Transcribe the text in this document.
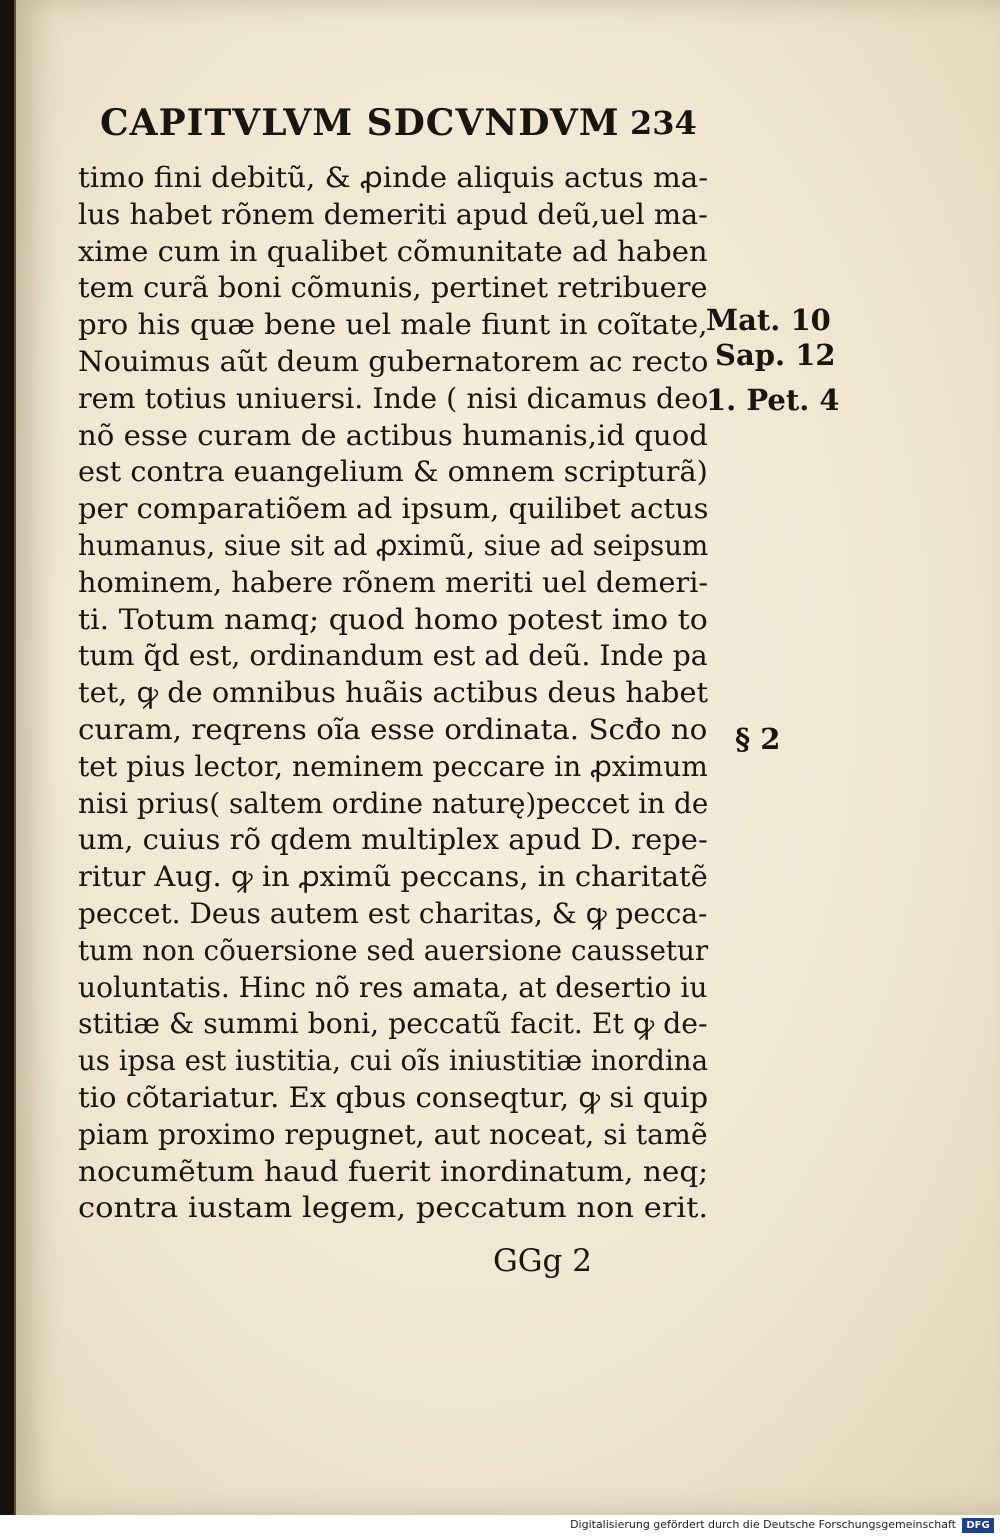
CAPITVLVM SDCVNDVM 234
timo fini debitũ, & ꝓinde aliquis actus ma-
lus habet rõnem demeriti apud deũ,uel ma-
xime cum in qualibet cõmunitate ad haben
tem curã boni cõmunis, pertinet retribuere
pro his quæ bene uel male fiunt in coĩtate,
Nouimus aũt deum gubernatorem ac recto
rem totius uniuersi. Inde ( nisi dicamus deo
nõ esse curam de actibus humanis,id quod
est contra euangelium & omnem scripturã)
per comparatiõem ad ipsum, quilibet actus
humanus, siue sit ad ꝓximũ, siue ad seipsum
hominem, habere rõnem meriti uel demeri-
ti. Totum namq; quod homo potest imo to
tum q̃d est, ordinandum est ad deũ. Inde pa
tet, ꝙ de omnibus huãis actibus deus habet
curam, reqrens oĩa esse ordinata. Scđo no
tet pius lector, neminem peccare in ꝓximum
nisi prius( saltem ordine naturę)peccet in de
um, cuius rõ qdem multiplex apud D. repe-
ritur Aug. ꝙ in ꝓximũ peccans, in charitatẽ
peccet. Deus autem est charitas, & ꝙ pecca-
tum non cõuersione sed auersione caussetur
uoluntatis. Hinc nõ res amata, at desertio iu
stitiæ & summi boni, peccatũ facit. Et ꝙ de-
us ipsa est iustitia, cui oĩs iniustitiæ inordina
tio cõtariatur. Ex qbus conseqtur, ꝙ si quip
piam proximo repugnet, aut noceat, si tamẽ
nocumẽtum haud fuerit inordinatum, neq;
contra iustam legem, peccatum non erit.
Mat. 10
Sap. 12
1. Pet. 4
§ 2
GGg 2
Digitalisierung gefördert durch die Deutsche Forschungsgemeinschaft	DFG
